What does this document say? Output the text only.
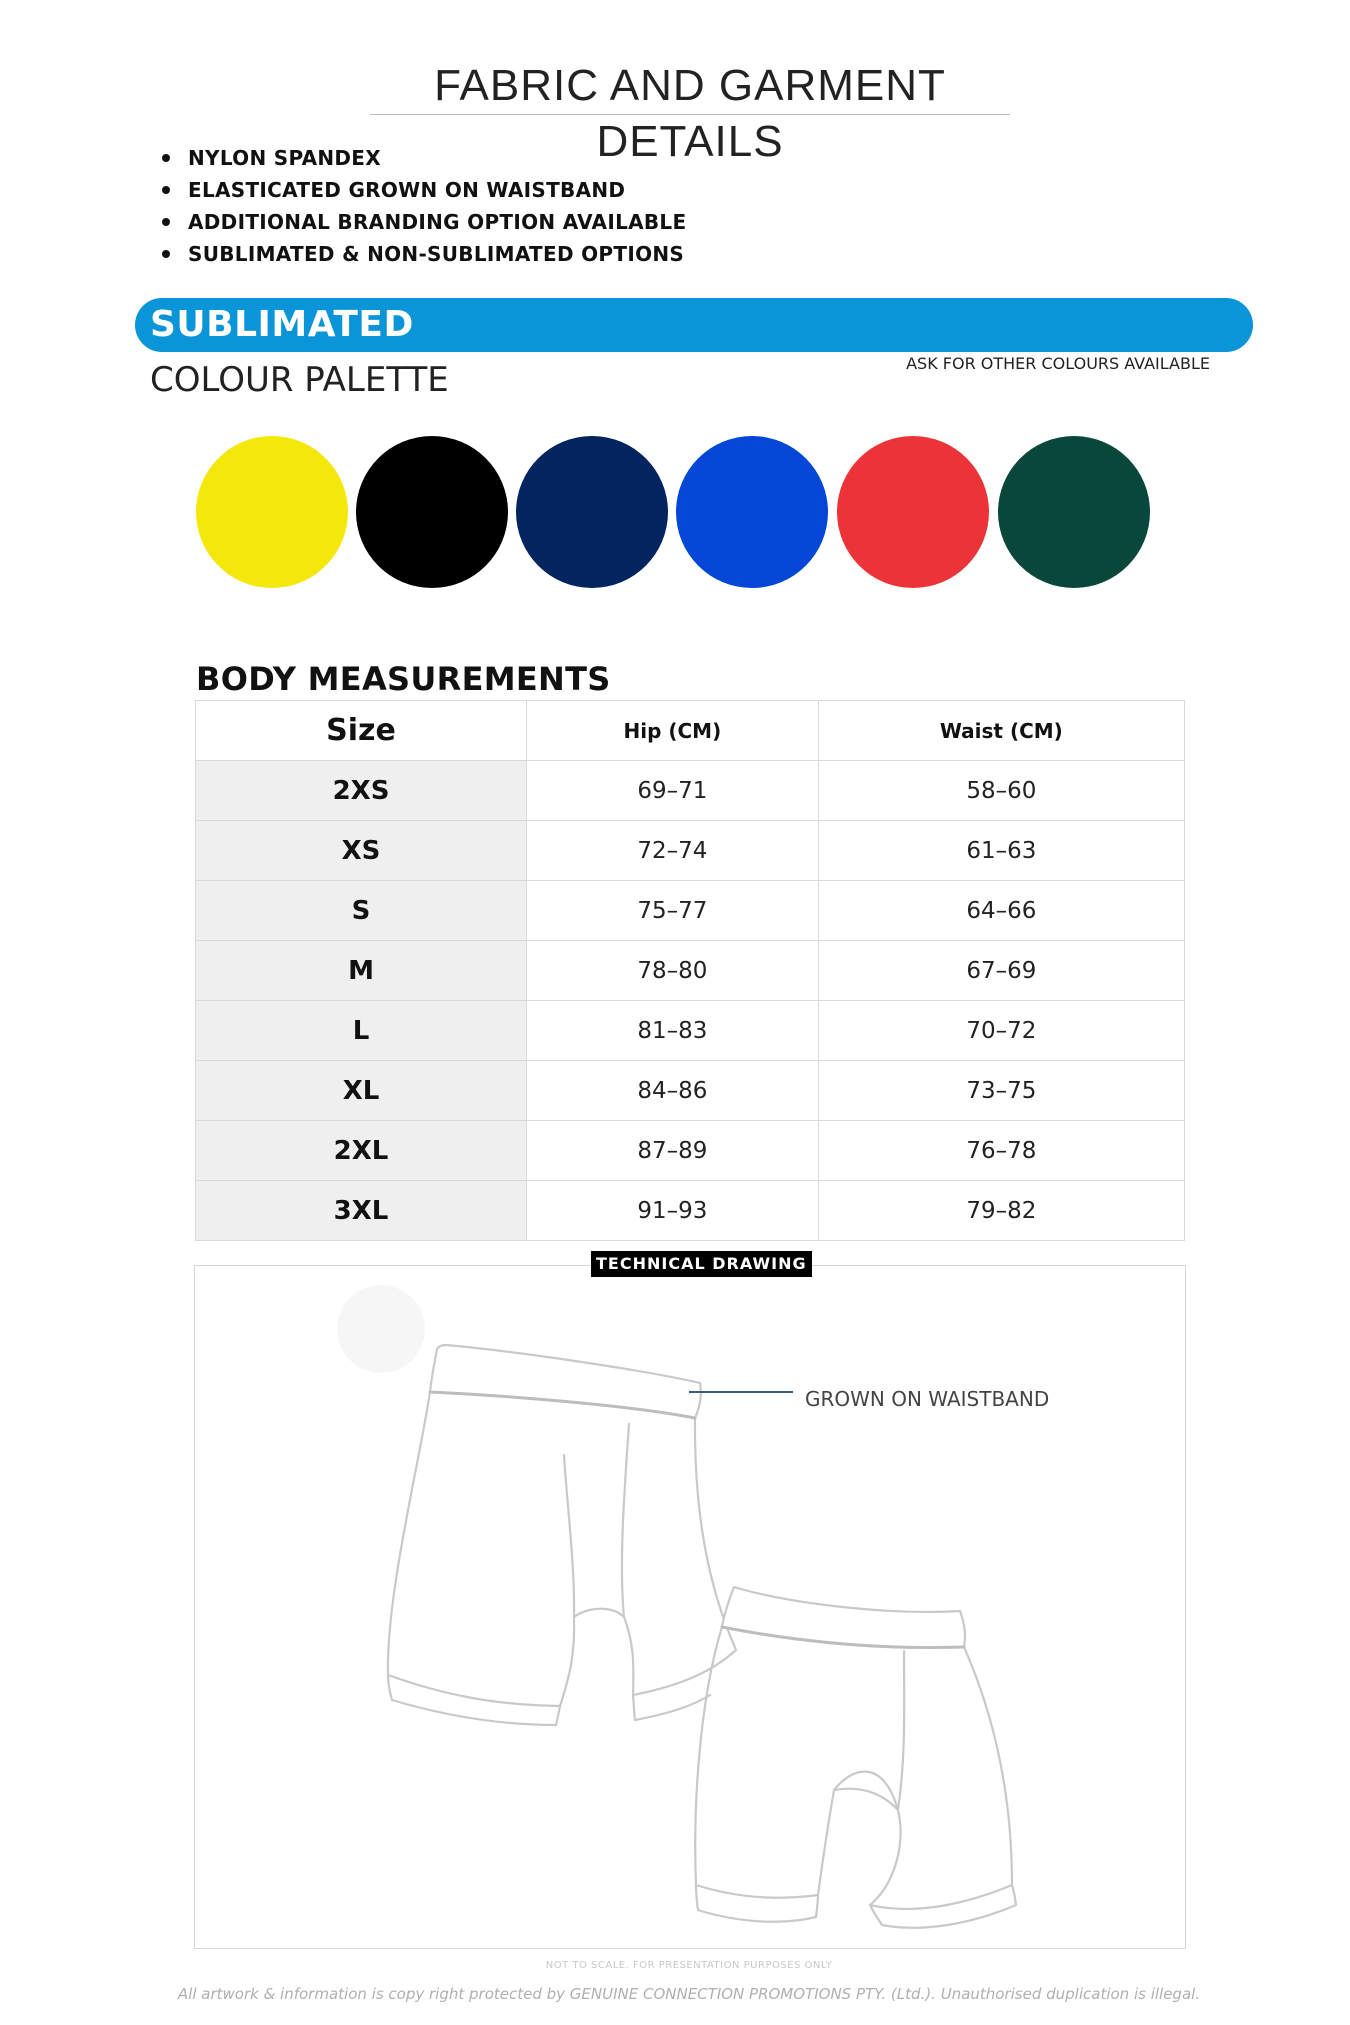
FABRIC AND GARMENT DETAILS
NYLON SPANDEX
ELASTICATED GROWN ON WAISTBAND
ADDITIONAL BRANDING OPTION AVAILABLE
SUBLIMATED & NON-SUBLIMATED OPTIONS
SUBLIMATED
COLOUR PALETTE	ASK FOR OTHER COLOURS AVAILABLE
BODY MEASUREMENTS
Size	Hip (CM)	Waist (CM)
2XS	69–71	58–60
XS	72–74	61–63
S	75–77	64–66
M	78–80	67–69
L	81–83	70–72
XL	84–86	73–75
2XL	87–89	76–78
3XL	91–93	79–82
GROWN ON WAISTBAND
TECHNICAL DRAWING
NOT TO SCALE. FOR PRESENTATION PURPOSES ONLY
All artwork & information is copy right protected by GENUINE CONNECTION PROMOTIONS PTY. (Ltd.). Unauthorised duplication is illegal.
